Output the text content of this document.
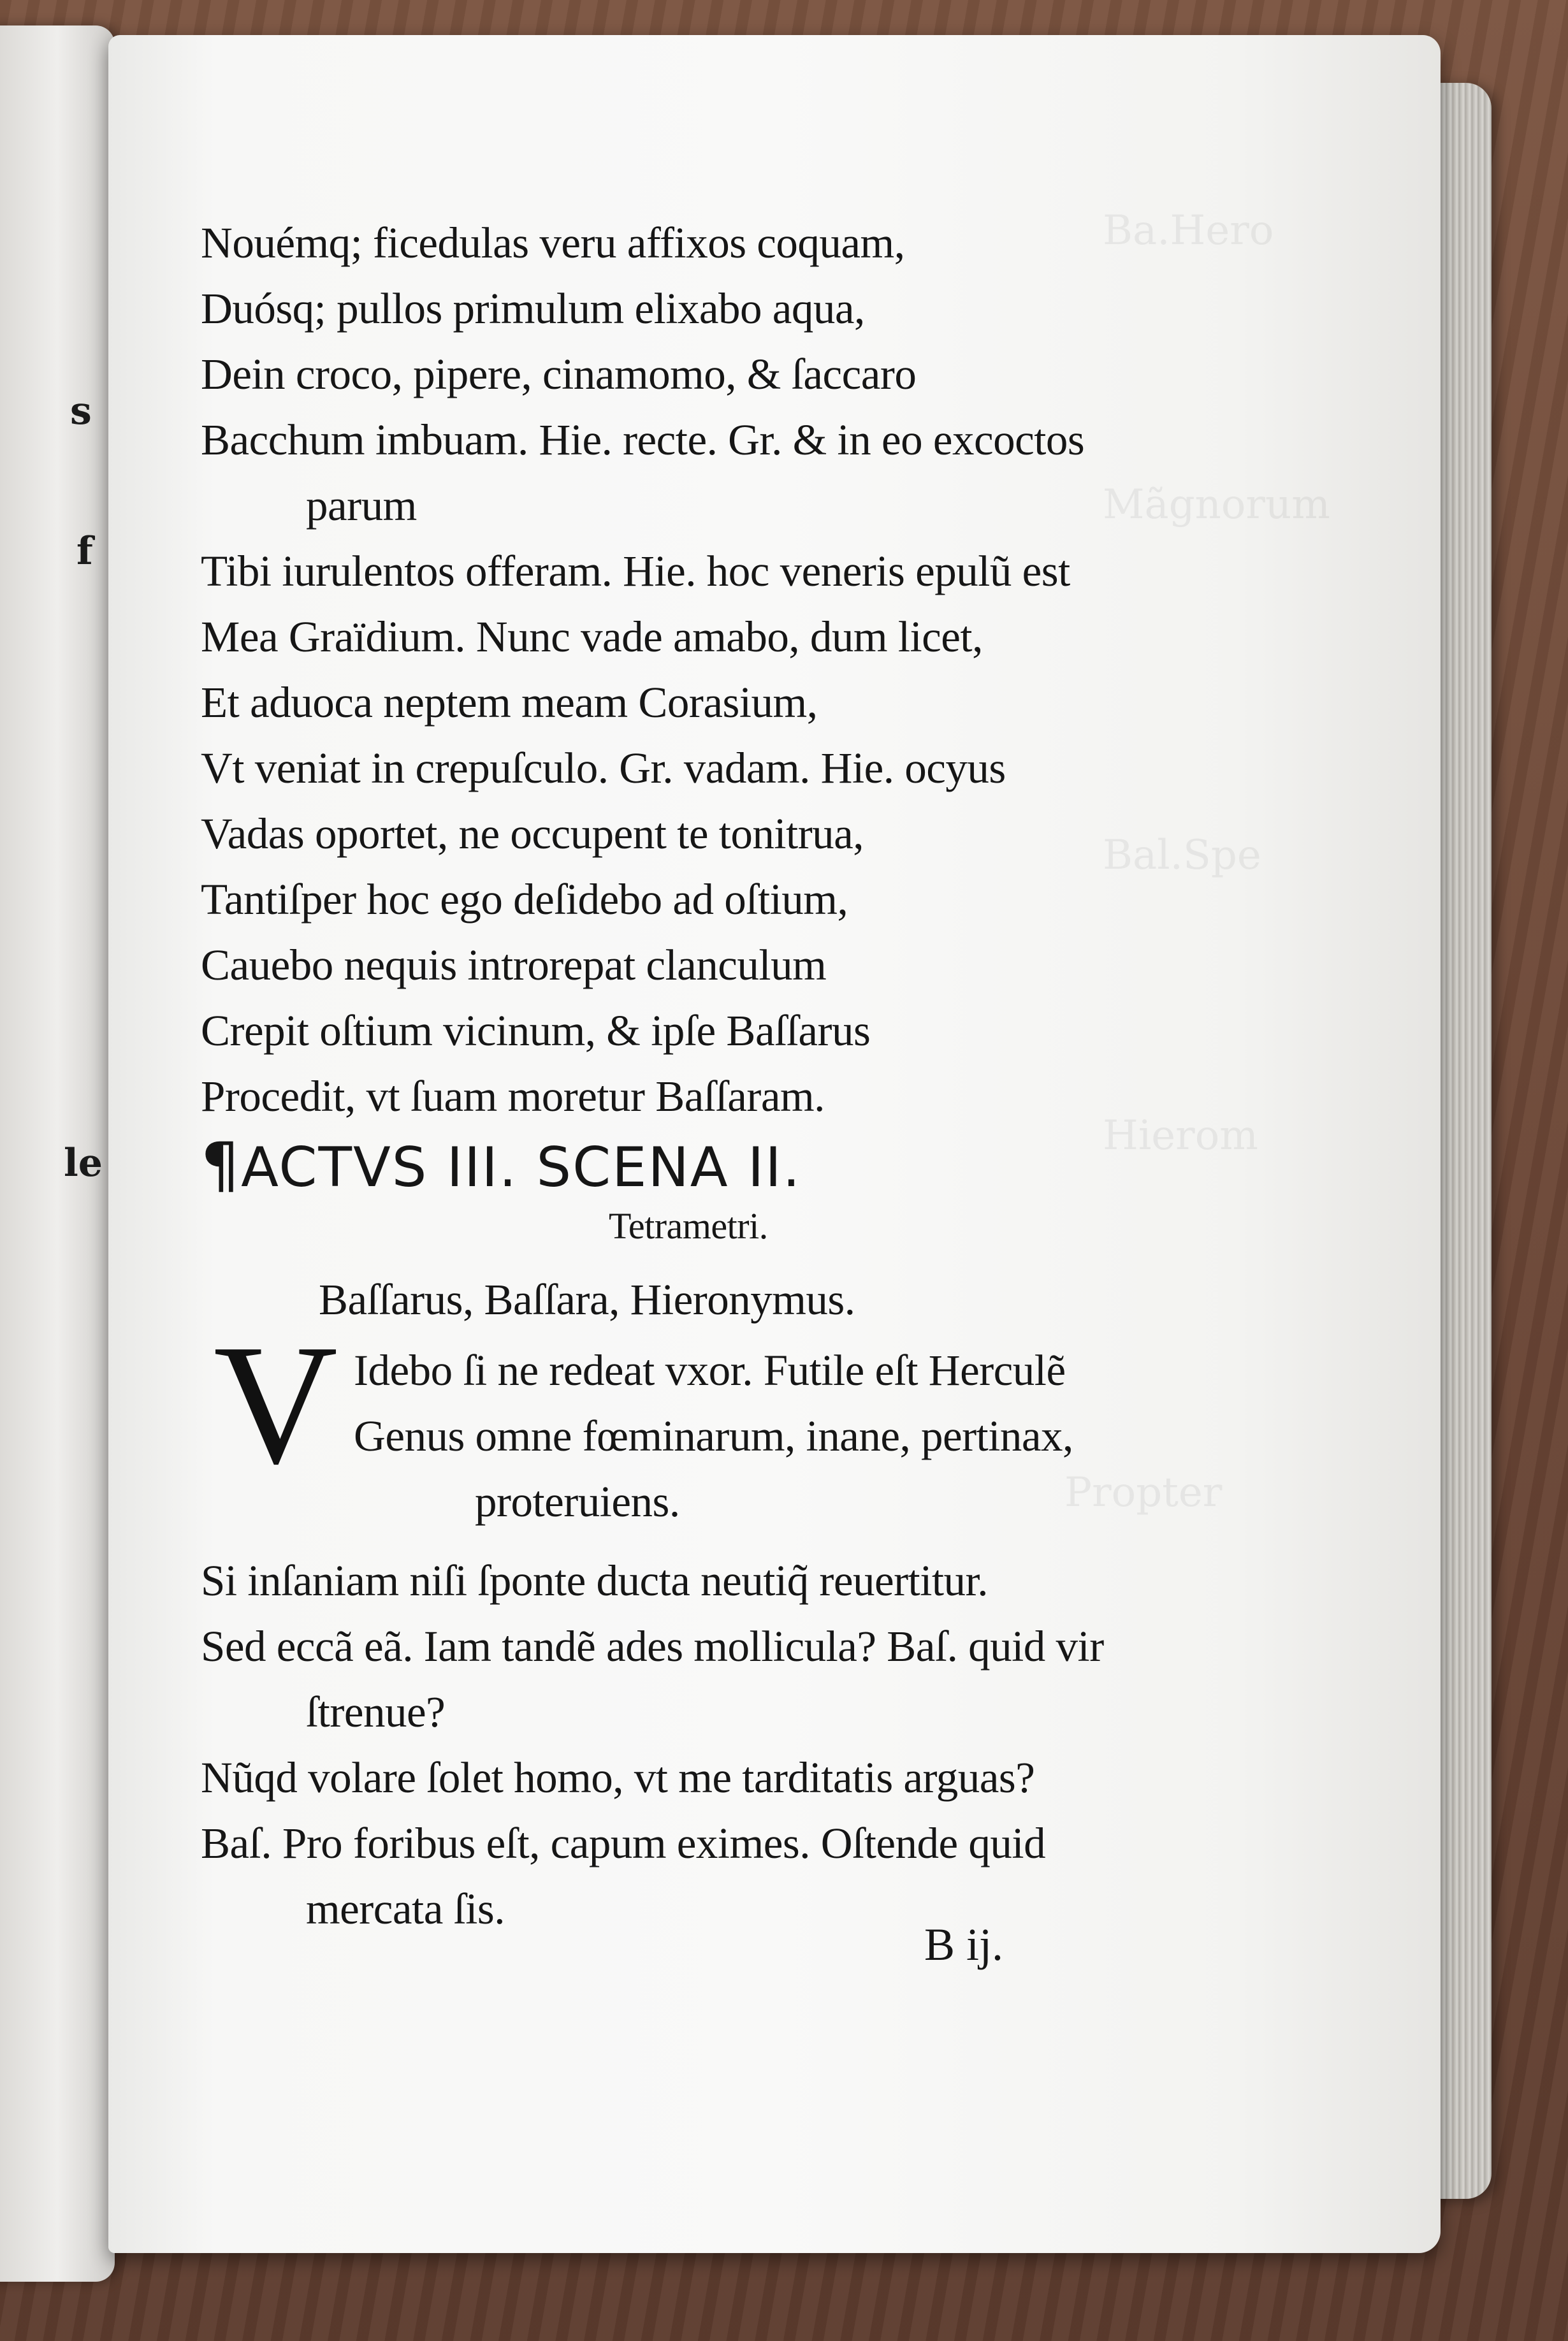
s
f
le
Ba.Hero
Mãgnorum
Bal.Spe
Hierom
Propter
Nouémq; ficedulas veru affixos coquam,
Duósq; pullos primulum elixabo aqua,
Dein croco, pipere, cinamomo, & ſaccaro
Bacchum imbuam. Hie. recte. Gr. & in eo excoctos
parum
Tibi iurulentos offeram. Hie. hoc veneris epulũ est
Mea Graïdium. Nunc vade amabo, dum licet,
Et aduoca neptem meam Corasium,
Vt veniat in crepuſculo. Gr. vadam. Hie. ocyus
Vadas oportet, ne occupent te tonitrua,
Tantiſper hoc ego deſidebo ad oſtium,
Cauebo nequis introrepat clanculum
Crepit oſtium vicinum, & ipſe Baſſarus
Procedit, vt ſuam moretur Baſſaram.
¶ACTVS III. SCENA II.
Tetrametri.
Baſſarus, Baſſara, Hieronymus.
V Idebo ſi ne redeat vxor. Futile eſt Herculẽ
Genus omne fœminarum, inane, pertinax,
proteruiens.
Si inſaniam niſi ſponte ducta neutiq̃ reuertitur.
Sed eccã eã. Iam tandẽ ades mollicula? Baſ. quid vir
ſtrenue?
Nũqd volare ſolet homo, vt me tarditatis arguas?
Baſ. Pro foribus eſt, capum eximes. Oſtende quid
mercata ſis.
B ij.
